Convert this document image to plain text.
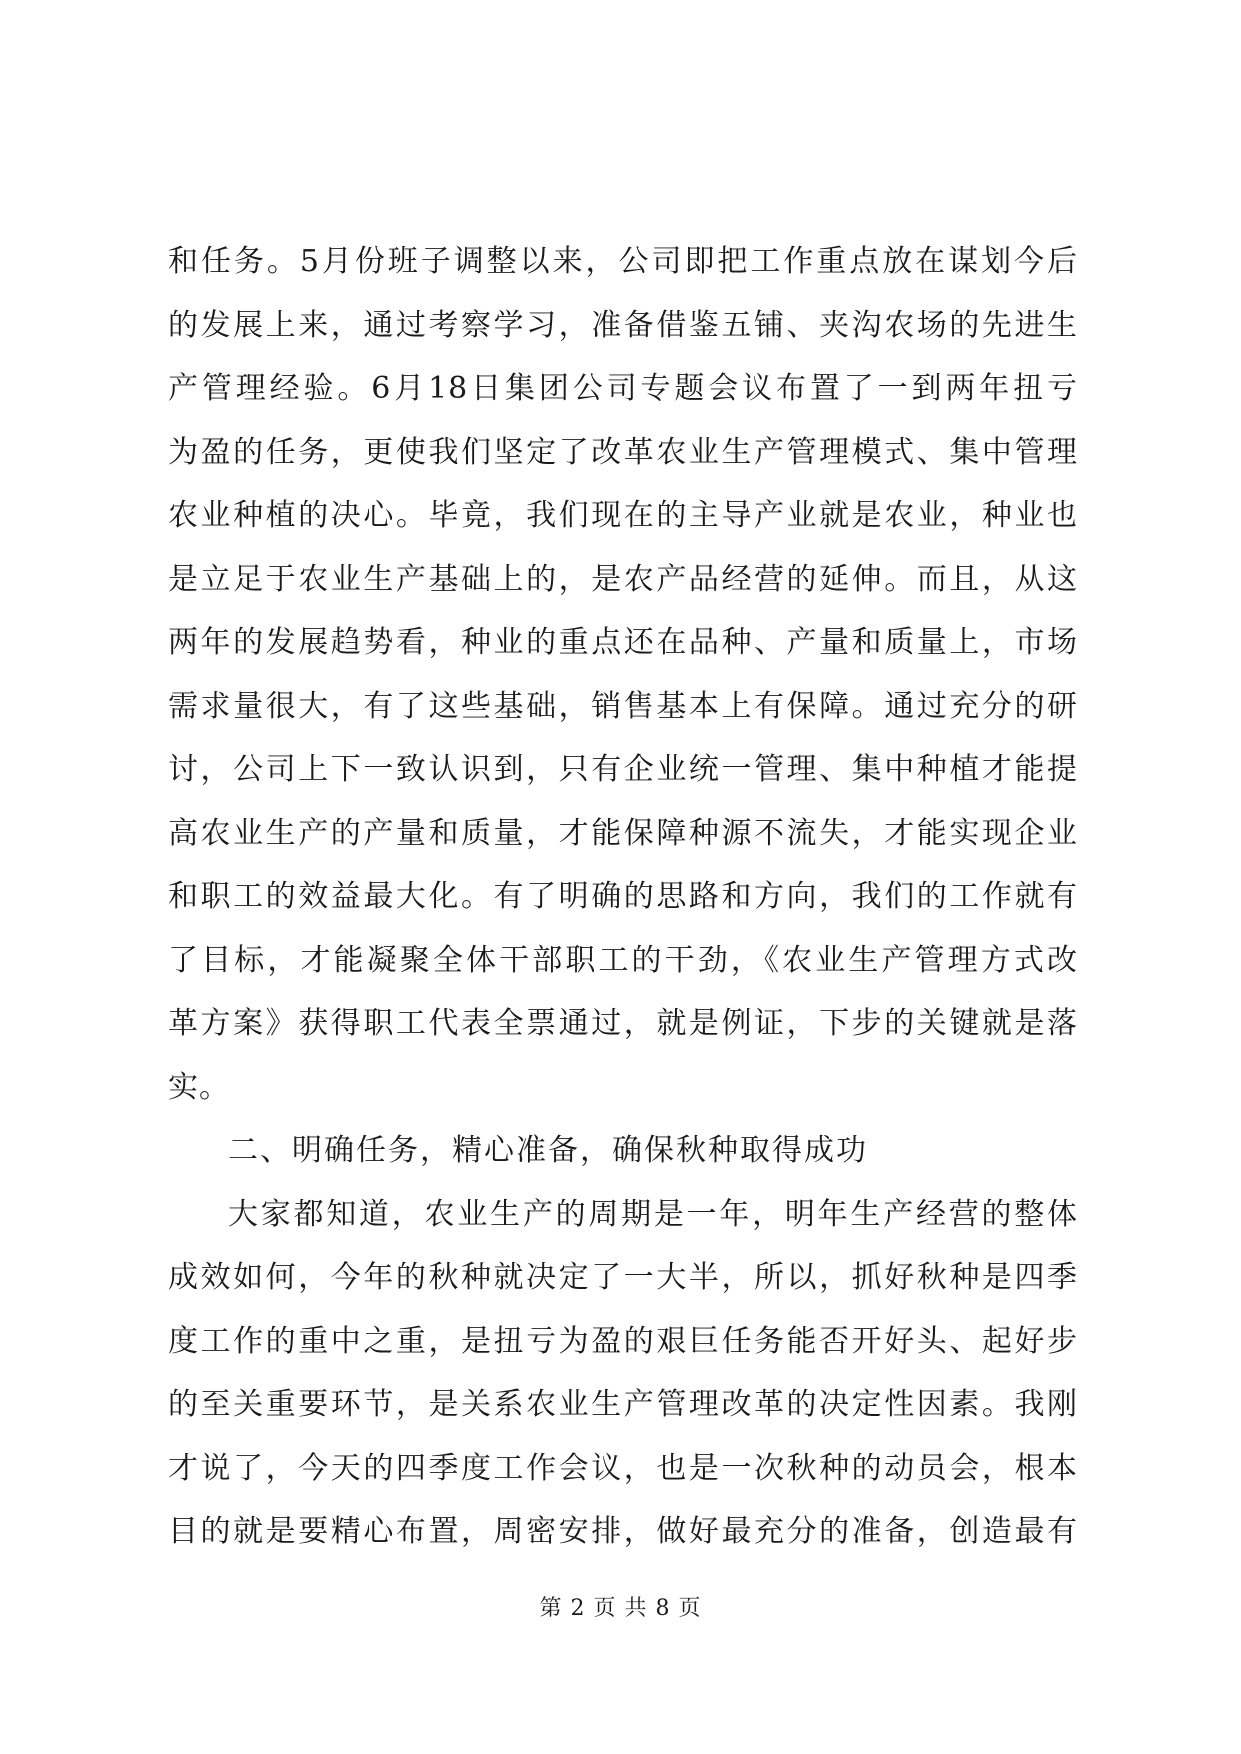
和任务。5月份班子调整以来，公司即把工作重点放在谋划今后
的发展上来，通过考察学习，准备借鉴五铺、夹沟农场的先进生
产管理经验。6月18日集团公司专题会议布置了一到两年扭亏
为盈的任务，更使我们坚定了改革农业生产管理模式、集中管理
农业种植的决心。毕竟，我们现在的主导产业就是农业，种业也
是立足于农业生产基础上的，是农产品经营的延伸。而且，从这
两年的发展趋势看，种业的重点还在品种、产量和质量上，市场
需求量很大，有了这些基础，销售基本上有保障。通过充分的研
讨，公司上下一致认识到，只有企业统一管理、集中种植才能提
高农业生产的产量和质量，才能保障种源不流失，才能实现企业
和职工的效益最大化。有了明确的思路和方向，我们的工作就有
了目标，才能凝聚全体干部职工的干劲，《农业生产管理方式改
革方案》获得职工代表全票通过，就是例证，下步的关键就是落
实。
二、明确任务，精心准备，确保秋种取得成功
大家都知道，农业生产的周期是一年，明年生产经营的整体
成效如何，今年的秋种就决定了一大半，所以，抓好秋种是四季
度工作的重中之重，是扭亏为盈的艰巨任务能否开好头、起好步
的至关重要环节，是关系农业生产管理改革的决定性因素。我刚
才说了，今天的四季度工作会议，也是一次秋种的动员会，根本
目的就是要精心布置，周密安排，做好最充分的准备，创造最有
第 2 页 共 8 页
